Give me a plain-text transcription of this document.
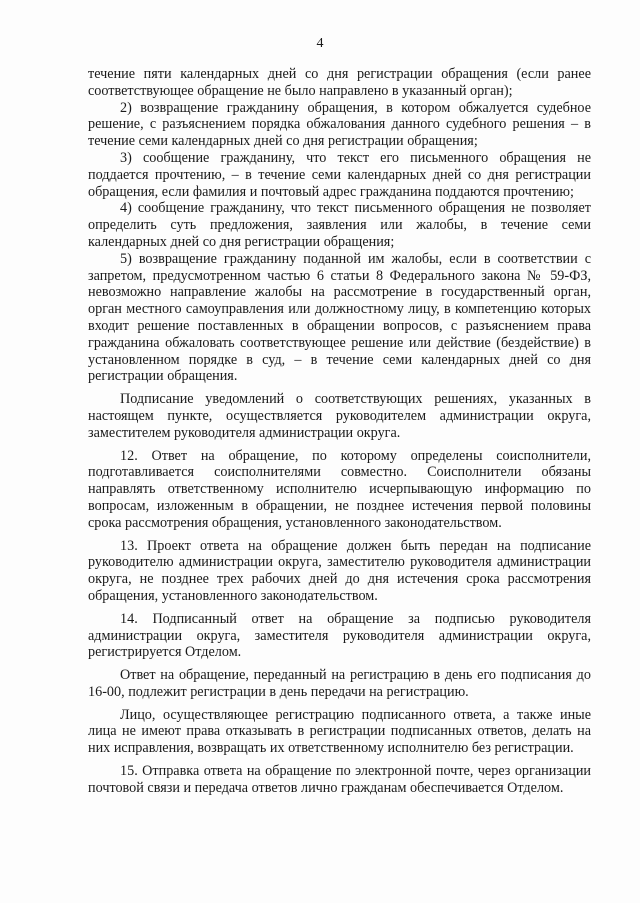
4

течение пяти календарных дней со дня регистрации обращения (если ранее соответствующее обращение не было направлено в указанный орган);

2) возвращение гражданину обращения, в котором обжалуется судебное решение, с разъяснением порядка обжалования данного судебного решения – в течение семи календарных дней со дня регистрации обращения;

3) сообщение гражданину, что текст его письменного обращения не поддается прочтению, – в течение семи календарных дней со дня регистрации обращения, если фамилия и почтовый адрес гражданина поддаются прочтению;

4) сообщение гражданину, что текст письменного обращения не позволяет определить суть предложения, заявления или жалобы, в течение семи календарных дней со дня регистрации обращения;

5) возвращение гражданину поданной им жалобы, если в соответствии с запретом, предусмотренном частью 6 статьи 8 Федерального закона № 59-ФЗ, невозможно направление жалобы на рассмотрение в государственный орган, орган местного самоуправления или должностному лицу, в компетенцию которых входит решение поставленных в обращении вопросов, с разъяснением права гражданина обжаловать соответствующее решение или действие (бездействие) в установленном порядке в суд, – в течение семи календарных дней со дня регистрации обращения.

Подписание уведомлений о соответствующих решениях, указанных в настоящем пункте, осуществляется руководителем администрации округа, заместителем руководителя администрации округа.

12. Ответ на обращение, по которому определены соисполнители, подготавливается соисполнителями совместно. Соисполнители обязаны направлять ответственному исполнителю исчерпывающую информацию по вопросам, изложенным в обращении, не позднее истечения первой половины срока рассмотрения обращения, установленного законодательством.

13. Проект ответа на обращение должен быть передан на подписание руководителю администрации округа, заместителю руководителя администрации округа, не позднее трех рабочих дней до дня истечения срока рассмотрения обращения, установленного законодательством.

14. Подписанный ответ на обращение за подписью руководителя администрации округа, заместителя руководителя администрации округа, регистрируется Отделом.

Ответ на обращение, переданный на регистрацию в день его подписания до 16-00, подлежит регистрации в день передачи на регистрацию.

Лицо, осуществляющее регистрацию подписанного ответа, а также иные лица не имеют права отказывать в регистрации подписанных ответов, делать на них исправления, возвращать их ответственному исполнителю без регистрации.

15. Отправка ответа на обращение по электронной почте, через организации почтовой связи и передача ответов лично гражданам обеспечивается Отделом.
